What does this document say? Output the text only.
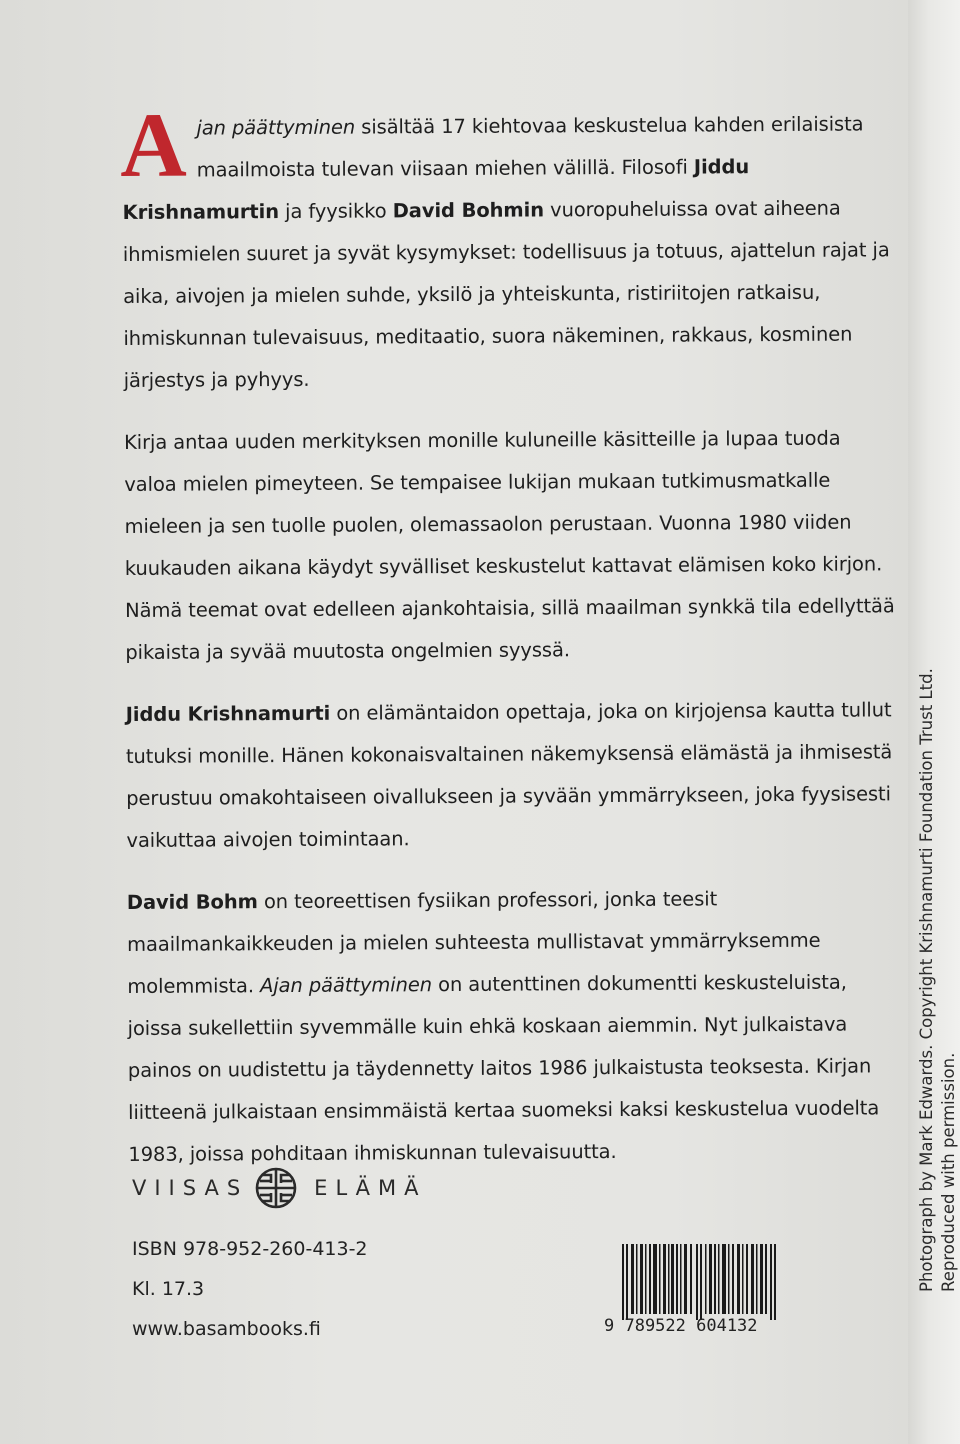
Ajan päättyminen sisältää 17 kiehtovaa keskustelua kahden erilaisista maailmoista tulevan viisaan miehen välillä. Filosofi Jiddu Krishnamurtin ja fyysikko David Bohmin vuoropuheluissa ovat aiheena ihmismielen suuret ja syvät kysymykset: todellisuus ja totuus, ajattelun rajat ja aika, aivojen ja mielen suhde, yksilö ja yhteiskunta, ristiriitojen ratkaisu, ihmiskunnan tulevaisuus, meditaatio, suora näkeminen, rakkaus, kosminen järjestys ja pyhyys.

Kirja antaa uuden merkityksen monille kuluneille käsitteille ja lupaa tuoda valoa mielen pimeyteen. Se tempaisee lukijan mukaan tutkimusmatkalle mieleen ja sen tuolle puolen, olemassaolon perustaan. Vuonna 1980 viiden kuukauden aikana käydyt syvälliset keskustelut kattavat elämisen koko kirjon. Nämä teemat ovat edelleen ajankohtaisia, sillä maailman synkkä tila edellyttää pikaista ja syvää muutosta ongelmien syyssä.

Jiddu Krishnamurti on elämäntaidon opettaja, joka on kirjojensa kautta tullut tutuksi monille. Hänen kokonaisvaltainen näkemyksensä elämästä ja ihmisestä perustuu omakohtaiseen oivallukseen ja syvään ymmärrykseen, joka fyysisesti vaikuttaa aivojen toimintaan.

David Bohm on teoreettisen fysiikan professori, jonka teesit maailmankaikkeuden ja mielen suhteesta mullistavat ymmärryksemme molemmista. Ajan päättyminen on autenttinen dokumentti keskusteluista, joissa sukellettiin syvemmälle kuin ehkä koskaan aiemmin. Nyt julkaistava painos on uudistettu ja täydennetty laitos 1986 julkaistusta teoksesta. Kirjan liitteenä julkaistaan ensimmäistä kertaa suomeksi kaksi keskustelua vuodelta 1983, joissa pohditaan ihmiskunnan tulevaisuutta.

VIISAS	ELÄMÄ
ISBN 978-952-260-413-2
Kl. 17.3
www.basambooks.fi	9 789522 604132
Photograph by Mark Edwards. Copyright Krishnamurti Foundation Trust Ltd. Reproduced with permission.
